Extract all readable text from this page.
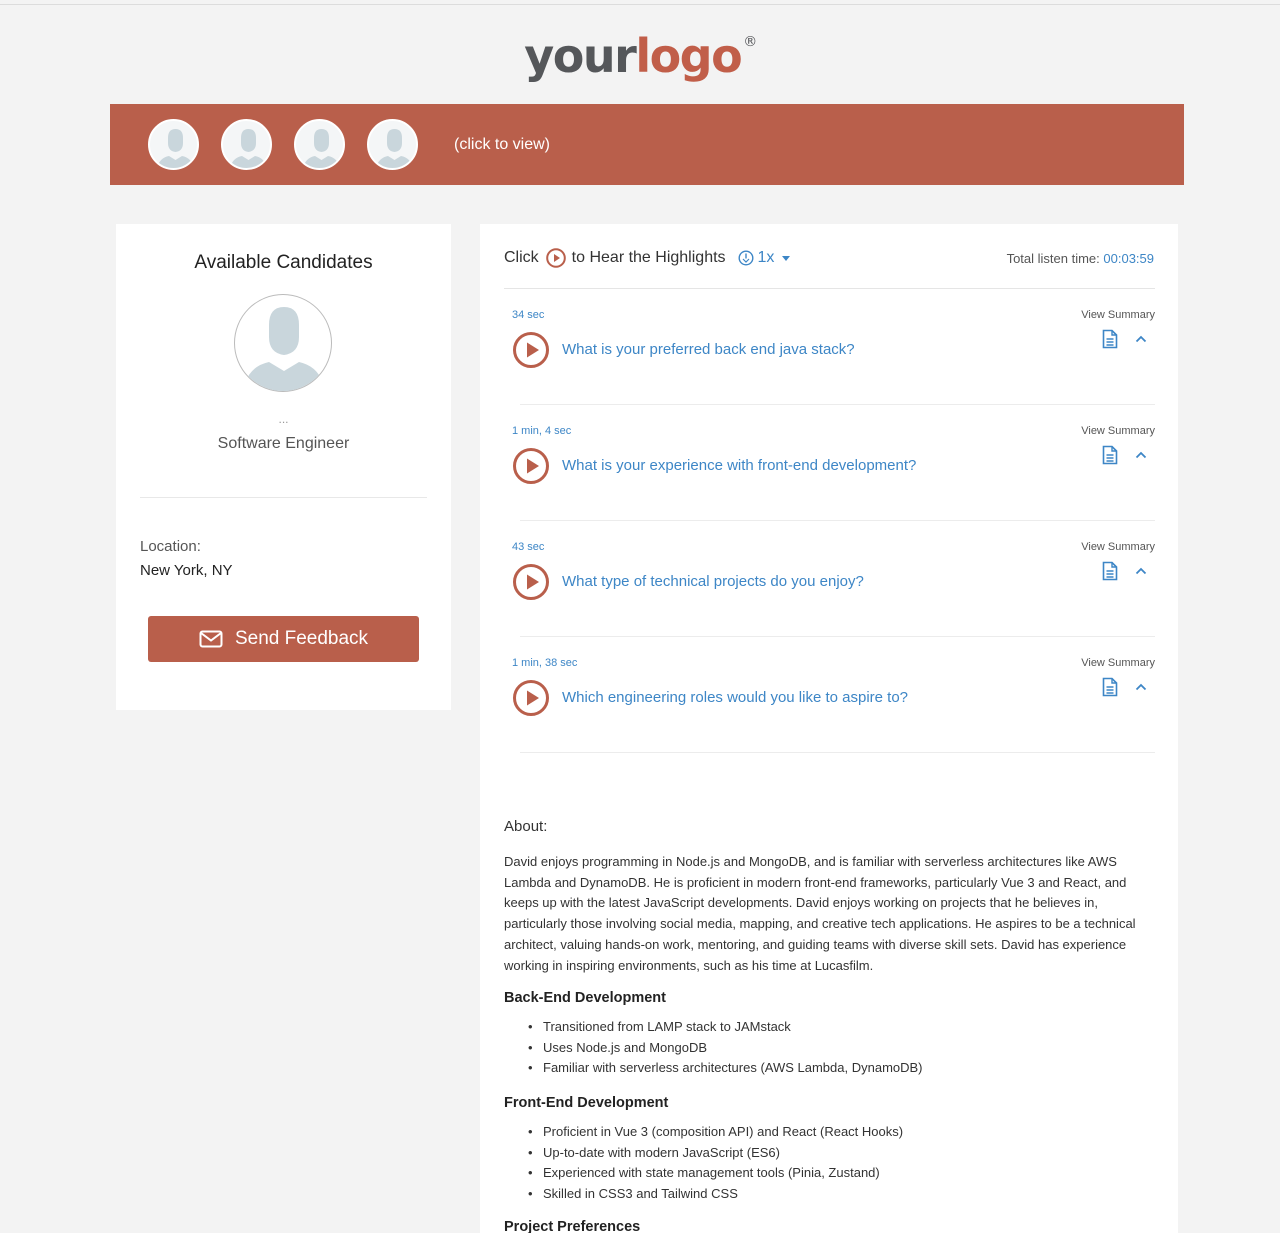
yourlogo ®
(click to view)
Available Candidates
...
Software Engineer
Location:
New York, NY
Send Feedback
Click to Hear the Highlights 1x	Total listen time: 00:03:59
34 sec
What is your preferred back end java stack?
View Summary
1 min, 4 sec
What is your experience with front-end development?
View Summary
43 sec
What type of technical projects do you enjoy?
View Summary
1 min, 38 sec
Which engineering roles would you like to aspire to?
View Summary
About:
David enjoys programming in Node.js and MongoDB, and is familiar with serverless architectures like AWS Lambda and DynamoDB. He is proficient in modern front-end frameworks, particularly Vue 3 and React, and keeps up with the latest JavaScript developments. David enjoys working on projects that he believes in, particularly those involving social media, mapping, and creative tech applications. He aspires to be a technical architect, valuing hands-on work, mentoring, and guiding teams with diverse skill sets. David has experience working in inspiring environments, such as his time at Lucasfilm.
Back-End Development
• Transitioned from LAMP stack to JAMstack
• Uses Node.js and MongoDB
• Familiar with serverless architectures (AWS Lambda, DynamoDB)
Front-End Development
• Proficient in Vue 3 (composition API) and React (React Hooks)
• Up-to-date with modern JavaScript (ES6)
• Experienced with state management tools (Pinia, Zustand)
• Skilled in CSS3 and Tailwind CSS
Project Preferences
